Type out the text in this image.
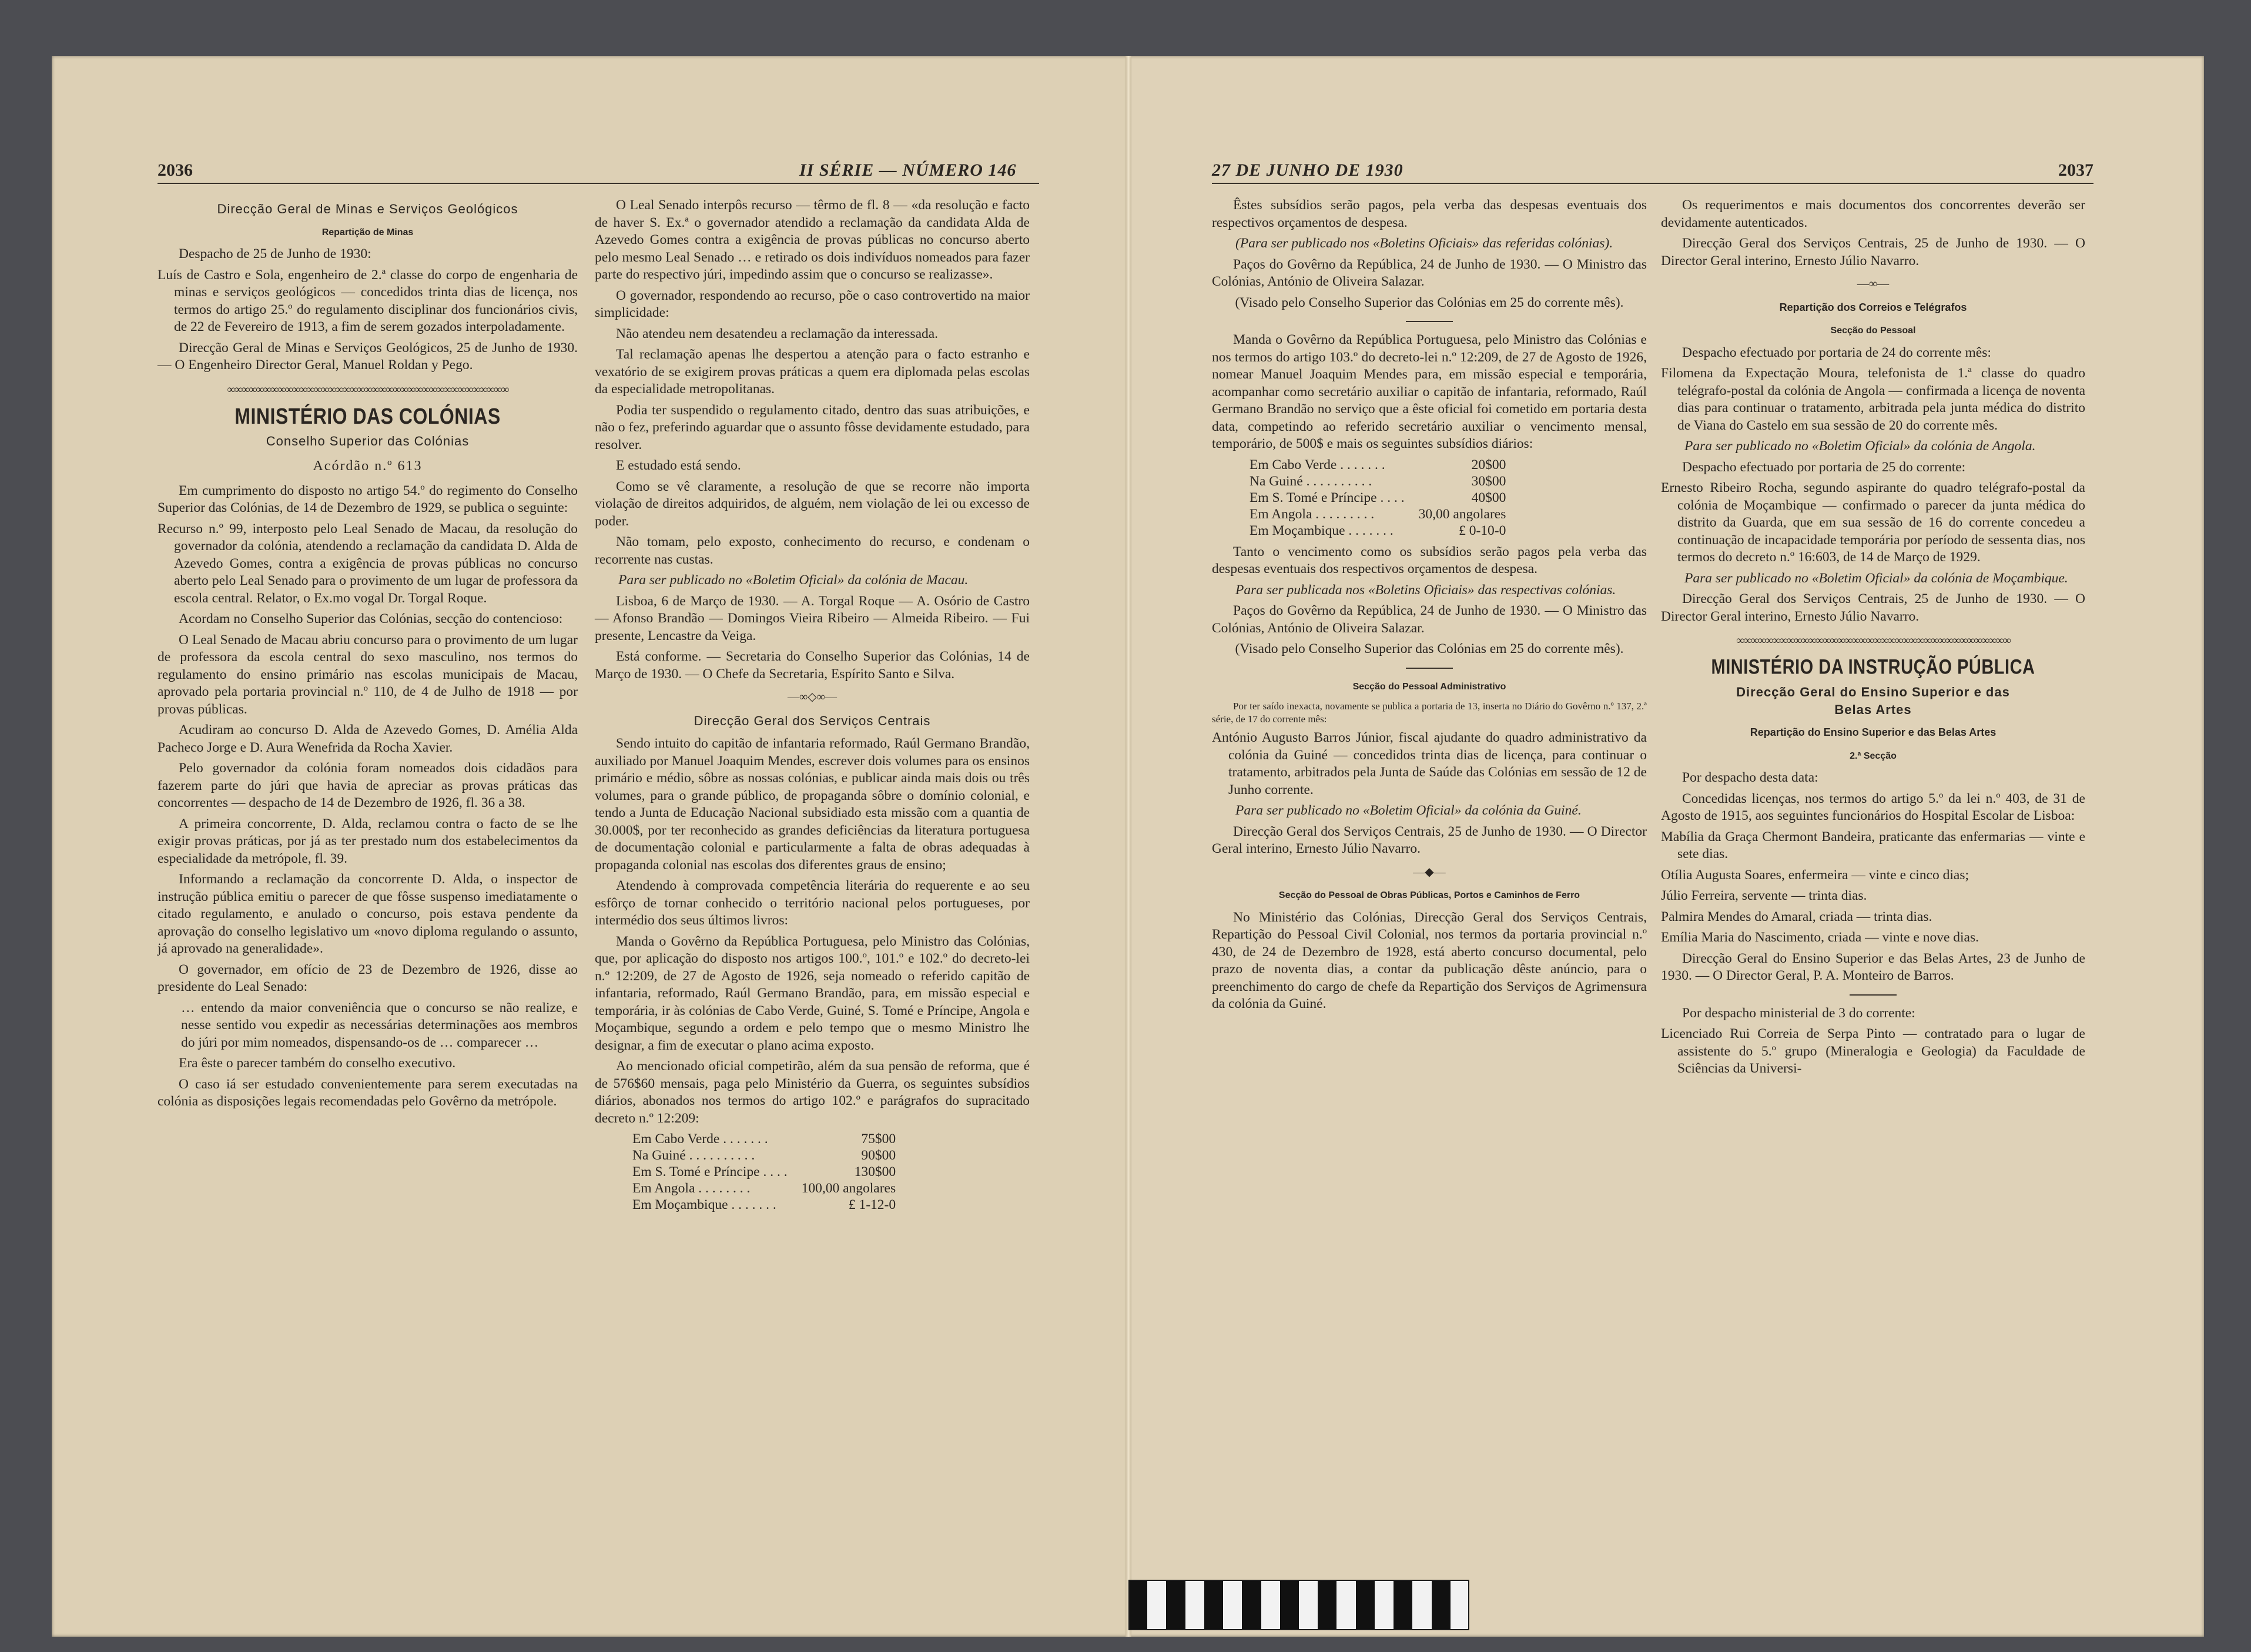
2036	II SÉRIE — NÚMERO 146	27 DE JUNHO DE 1930	2037
Direcção Geral de Minas e Serviços Geológicos
Repartição de Minas

Despacho de 25 de Junho de 1930:

Luís de Castro e Sola, engenheiro de 2.ª classe do corpo de engenharia de minas e serviços geológicos — concedidos trinta dias de licença, nos termos do artigo 25.º do regulamento disciplinar dos funcionários civis, de 22 de Fevereiro de 1913, a fim de serem gozados interpoladamente.

Direcção Geral de Minas e Serviços Geológicos, 25 de Junho de 1930. — O Engenheiro Director Geral, Manuel Roldan y Pego.

∞∞∞∞∞∞∞∞∞∞∞∞∞∞∞∞∞∞∞∞∞∞∞∞∞∞∞∞∞∞∞∞∞∞∞∞∞∞∞
MINISTÉRIO DAS COLÓNIAS
Conselho Superior das Colónias
Acórdão n.º 613

Em cumprimento do disposto no artigo 54.º do regimento do Conselho Superior das Colónias, de 14 de Dezembro de 1929, se publica o seguinte:

Recurso n.º 99, interposto pelo Leal Senado de Macau, da resolução do governador da colónia, atendendo a reclamação da candidata D. Alda de Azevedo Gomes, contra a exigência de provas públicas no concurso aberto pelo Leal Senado para o provimento de um lugar de professora da escola central. Relator, o Ex.mo vogal Dr. Torgal Roque.

Acordam no Conselho Superior das Colónias, secção do contencioso:

O Leal Senado de Macau abriu concurso para o provimento de um lugar de professora da escola central do sexo masculino, nos termos do regulamento do ensino primário nas escolas municipais de Macau, aprovado pela portaria provincial n.º 110, de 4 de Julho de 1918 — por provas públicas.

Acudiram ao concurso D. Alda de Azevedo Gomes, D. Amélia Alda Pacheco Jorge e D. Aura Wenefrida da Rocha Xavier.

Pelo governador da colónia foram nomeados dois cidadãos para fazerem parte do júri que havia de apreciar as provas práticas das concorrentes — despacho de 14 de Dezembro de 1926, fl. 36 a 38.

A primeira concorrente, D. Alda, reclamou contra o facto de se lhe exigir provas práticas, por já as ter prestado num dos estabelecimentos da especialidade da metrópole, fl. 39.

Informando a reclamação da concorrente D. Alda, o inspector de instrução pública emitiu o parecer de que fôsse suspenso imediatamente o citado regulamento, e anulado o concurso, pois estava pendente da aprovação do conselho legislativo um «novo diploma regulando o assunto, já aprovado na generalidade».

O governador, em ofício de 23 de Dezembro de 1926, disse ao presidente do Leal Senado:

… entendo da maior conveniência que o concurso se não realize, e nesse sentido vou expedir as necessárias determinações aos membros do júri por mim nomeados, dispensando-os de … comparecer …

Era êste o parecer também do conselho executivo.

O caso iá ser estudado convenientemente para serem executadas na colónia as disposições legais recomendadas pelo Govêrno da metrópole.

O Leal Senado interpôs recurso — têrmo de fl. 8 — «da resolução e facto de haver S. Ex.ª o governador atendido a reclamação da candidata Alda de Azevedo Gomes contra a exigência de provas públicas no concurso aberto pelo mesmo Leal Senado … e retirado os dois indivíduos nomeados para fazer parte do respectivo júri, impedindo assim que o concurso se realizasse».

O governador, respondendo ao recurso, põe o caso controvertido na maior simplicidade:

Não atendeu nem desatendeu a reclamação da interessada.

Tal reclamação apenas lhe despertou a atenção para o facto estranho e vexatório de se exigirem provas práticas a quem era diplomada pelas escolas da especialidade metropolitanas.

Podia ter suspendido o regulamento citado, dentro das suas atribuições, e não o fez, preferindo aguardar que o assunto fôsse devidamente estudado, para resolver.

E estudado está sendo.

Como se vê claramente, a resolução de que se recorre não importa violação de direitos adquiridos, de alguém, nem violação de lei ou excesso de poder.

Não tomam, pelo exposto, conhecimento do recurso, e condenam o recorrente nas custas.

Para ser publicado no «Boletim Oficial» da colónia de Macau.

Lisboa, 6 de Março de 1930. — A. Torgal Roque — A. Osório de Castro — Afonso Brandão — Domingos Vieira Ribeiro — Almeida Ribeiro. — Fui presente, Lencastre da Veiga.

Está conforme. — Secretaria do Conselho Superior das Colónias, 14 de Março de 1930. — O Chefe da Secretaria, Espírito Santo e Silva.

—∞◇∞—
Direcção Geral dos Serviços Centrais

Sendo intuito do capitão de infantaria reformado, Raúl Germano Brandão, auxiliado por Manuel Joaquim Mendes, escrever dois volumes para os ensinos primário e médio, sôbre as nossas colónias, e publicar ainda mais dois ou três volumes, para o grande público, de propaganda sôbre o domínio colonial, e tendo a Junta de Educação Nacional subsidiado esta missão com a quantia de 30.000$, por ter reconhecido as grandes deficiências da literatura portuguesa de documentação colonial e particularmente a falta de obras adequadas à propaganda colonial nas escolas dos diferentes graus de ensino;

Atendendo à comprovada competência literária do requerente e ao seu esfôrço de tornar conhecido o território nacional pelos portugueses, por intermédio dos seus últimos livros:

Manda o Govêrno da República Portuguesa, pelo Ministro das Colónias, que, por aplicação do disposto nos artigos 100.º, 101.º e 102.º do decreto-lei n.º 12:209, de 27 de Agosto de 1926, seja nomeado o referido capitão de infantaria, reformado, Raúl Germano Brandão, para, em missão especial e temporária, ir às colónias de Cabo Verde, Guiné, S. Tomé e Príncipe, Angola e Moçambique, segundo a ordem e pelo tempo que o mesmo Ministro lhe designar, a fim de executar o plano acima exposto.

Ao mencionado oficial competirão, além da sua pensão de reforma, que é de 576$60 mensais, paga pelo Ministério da Guerra, os seguintes subsídios diários, abonados nos termos do artigo 102.º e parágrafos do supracitado decreto n.º 12:209:

Em Cabo Verde . . . . . . .	75$00
Na Guiné . . . . . . . . . .	90$00
Em S. Tomé e Príncipe . . . .	130$00
Em Angola . . . . . . . .	100,00 angolares
Em Moçambique . . . . . . .	£ 1-12-0

Êstes subsídios serão pagos, pela verba das despesas eventuais dos respectivos orçamentos de despesa.

(Para ser publicado nos «Boletins Oficiais» das referidas colónias).

Paços do Govêrno da República, 24 de Junho de 1930. — O Ministro das Colónias, António de Oliveira Salazar.

(Visado pelo Conselho Superior das Colónias em 25 do corrente mês).

Manda o Govêrno da República Portuguesa, pelo Ministro das Colónias e nos termos do artigo 103.º do decreto-lei n.º 12:209, de 27 de Agosto de 1926, nomear Manuel Joaquim Mendes para, em missão especial e temporária, acompanhar como secretário auxiliar o capitão de infantaria, reformado, Raúl Germano Brandão no serviço que a êste oficial foi cometido em portaria desta data, competindo ao referido secretário auxiliar o vencimento mensal, temporário, de 500$ e mais os seguintes subsídios diários:

Em Cabo Verde . . . . . . .	20$00
Na Guiné . . . . . . . . . .	30$00
Em S. Tomé e Príncipe . . . .	40$00
Em Angola . . . . . . . . .	30,00 angolares
Em Moçambique . . . . . . .	£ 0-10-0

Tanto o vencimento como os subsídios serão pagos pela verba das despesas eventuais dos respectivos orçamentos de despesa.

Para ser publicada nos «Boletins Oficiais» das respectivas colónias.

Paços do Govêrno da República, 24 de Junho de 1930. — O Ministro das Colónias, António de Oliveira Salazar.

(Visado pelo Conselho Superior das Colónias em 25 do corrente mês).

Secção do Pessoal Administrativo

Por ter saído inexacta, novamente se publica a portaria de 13, inserta no Diário do Govêrno n.º 137, 2.ª série, de 17 do corrente mês:

António Augusto Barros Júnior, fiscal ajudante do quadro administrativo da colónia da Guiné — concedidos trinta dias de licença, para continuar o tratamento, arbitrados pela Junta de Saúde das Colónias em sessão de 12 de Junho corrente.

Para ser publicado no «Boletim Oficial» da colónia da Guiné.

Direcção Geral dos Serviços Centrais, 25 de Junho de 1930. — O Director Geral interino, Ernesto Júlio Navarro.

—◆—
Secção do Pessoal de Obras Públicas, Portos e Caminhos de Ferro

No Ministério das Colónias, Direcção Geral dos Serviços Centrais, Repartição do Pessoal Civil Colonial, nos termos da portaria provincial n.º 430, de 24 de Dezembro de 1928, está aberto concurso documental, pelo prazo de noventa dias, a contar da publicação dêste anúncio, para o preenchimento do cargo de chefe da Repartição dos Serviços de Agrimensura da colónia da Guiné.

Os requerimentos e mais documentos dos concorrentes deverão ser devidamente autenticados.

Direcção Geral dos Serviços Centrais, 25 de Junho de 1930. — O Director Geral interino, Ernesto Júlio Navarro.

—∞—
Repartição dos Correios e Telégrafos
Secção do Pessoal

Despacho efectuado por portaria de 24 do corrente mês:

Filomena da Expectação Moura, telefonista de 1.ª classe do quadro telégrafo-postal da colónia de Angola — confirmada a licença de noventa dias para continuar o tratamento, arbitrada pela junta médica do distrito de Viana do Castelo em sua sessão de 20 do corrente mês.

Para ser publicado no «Boletim Oficial» da colónia de Angola.

Despacho efectuado por portaria de 25 do corrente:

Ernesto Ribeiro Rocha, segundo aspirante do quadro telégrafo-postal da colónia de Moçambique — confirmado o parecer da junta médica do distrito da Guarda, que em sua sessão de 16 do corrente concedeu a continuação de incapacidade temporária por período de sessenta dias, nos termos do decreto n.º 16:603, de 14 de Março de 1929.

Para ser publicado no «Boletim Oficial» da colónia de Moçambique.

Direcção Geral dos Serviços Centrais, 25 de Junho de 1930. — O Director Geral interino, Ernesto Júlio Navarro.

∞∞∞∞∞∞∞∞∞∞∞∞∞∞∞∞∞∞∞∞∞∞∞∞∞∞∞∞∞∞∞∞∞∞∞∞∞∞
MINISTÉRIO DA INSTRUÇÃO PÚBLICA
Direcção Geral do Ensino Superior e das Belas Artes
Repartição do Ensino Superior e das Belas Artes
2.ª Secção

Por despacho desta data:

Concedidas licenças, nos termos do artigo 5.º da lei n.º 403, de 31 de Agosto de 1915, aos seguintes funcionários do Hospital Escolar de Lisboa:

Mabília da Graça Chermont Bandeira, praticante das enfermarias — vinte e sete dias.

Otília Augusta Soares, enfermeira — vinte e cinco dias;

Júlio Ferreira, servente — trinta dias.

Palmira Mendes do Amaral, criada — trinta dias.

Emília Maria do Nascimento, criada — vinte e nove dias.

Direcção Geral do Ensino Superior e das Belas Artes, 23 de Junho de 1930. — O Director Geral, P. A. Monteiro de Barros.

Por despacho ministerial de 3 do corrente:

Licenciado Rui Correia de Serpa Pinto — contratado para o lugar de assistente do 5.º grupo (Mineralogia e Geologia) da Faculdade de Sciências da Universi-
